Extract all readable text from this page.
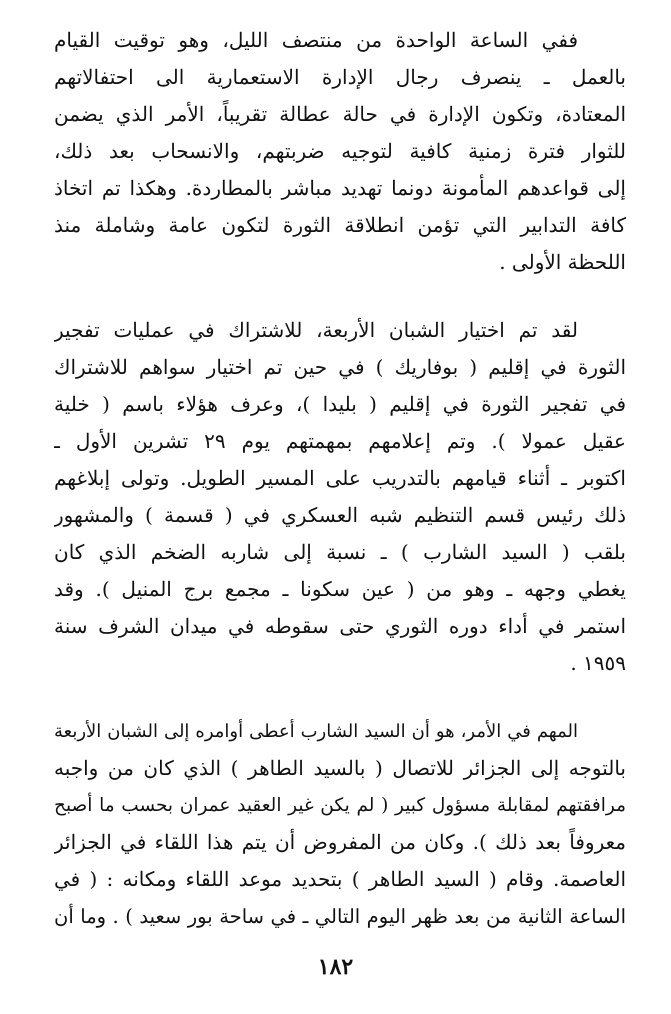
ففي الساعة الواحدة من منتصف الليل، وهو توقيت القيام
بالعمل ـ ينصرف رجال الإدارة الاستعمارية الى احتفالاتهم
المعتادة، وتكون الإدارة في حالة عطالة تقريباً، الأمر الذي يضمن
للثوار فترة زمنية كافية لتوجيه ضربتهم، والانسحاب بعد ذلك،
إلى قواعدهم المأمونة دونما تهديد مباشر بالمطاردة. وهكذا تم اتخاذ
كافة التدابير التي تؤمن انطلاقة الثورة لتكون عامة وشاملة منذ
اللحظة الأولى .
لقد تم اختيار الشبان الأربعة، للاشتراك في عمليات تفجير
الثورة في إقليم ( بوفاريك ) في حين تم اختيار سواهم للاشتراك
في تفجير الثورة في إقليم ( بليدا )، وعرف هؤلاء باسم ( خلية
عقيل عمولا ). وتم إعلامهم بمهمتهم يوم ٢٩ تشرين الأول ـ
اكتوبر ـ أثناء قيامهم بالتدريب على المسير الطويل. وتولى إبلاغهم
ذلك رئيس قسم التنظيم شبه العسكري في ( قسمة ) والمشهور
بلقب ( السيد الشارب ) ـ نسبة إلى شاربه الضخم الذي كان
يغطي وجهه ـ وهو من ( عين سكونا ـ مجمع برج المنيل ). وقد
استمر في أداء دوره الثوري حتى سقوطه في ميدان الشرف سنة
١٩٥٩ .
المهم في الأمر، هو أن السيد الشارب أعطى أوامره إلى الشبان الأربعة
بالتوجه إلى الجزائر للاتصال ( بالسيد الطاهر ) الذي كان من واجبه
مرافقتهم لمقابلة مسؤول كبير ( لم يكن غير العقيد عمران بحسب ما أصبح
معروفاً بعد ذلك ). وكان من المفروض أن يتم هذا اللقاء في الجزائر
العاصمة. وقام ( السيد الطاهر ) بتحديد موعد اللقاء ومكانه : ( في
الساعة الثانية من بعد ظهر اليوم التالي ـ في ساحة بور سعيد ) . وما أن
١٨٢
